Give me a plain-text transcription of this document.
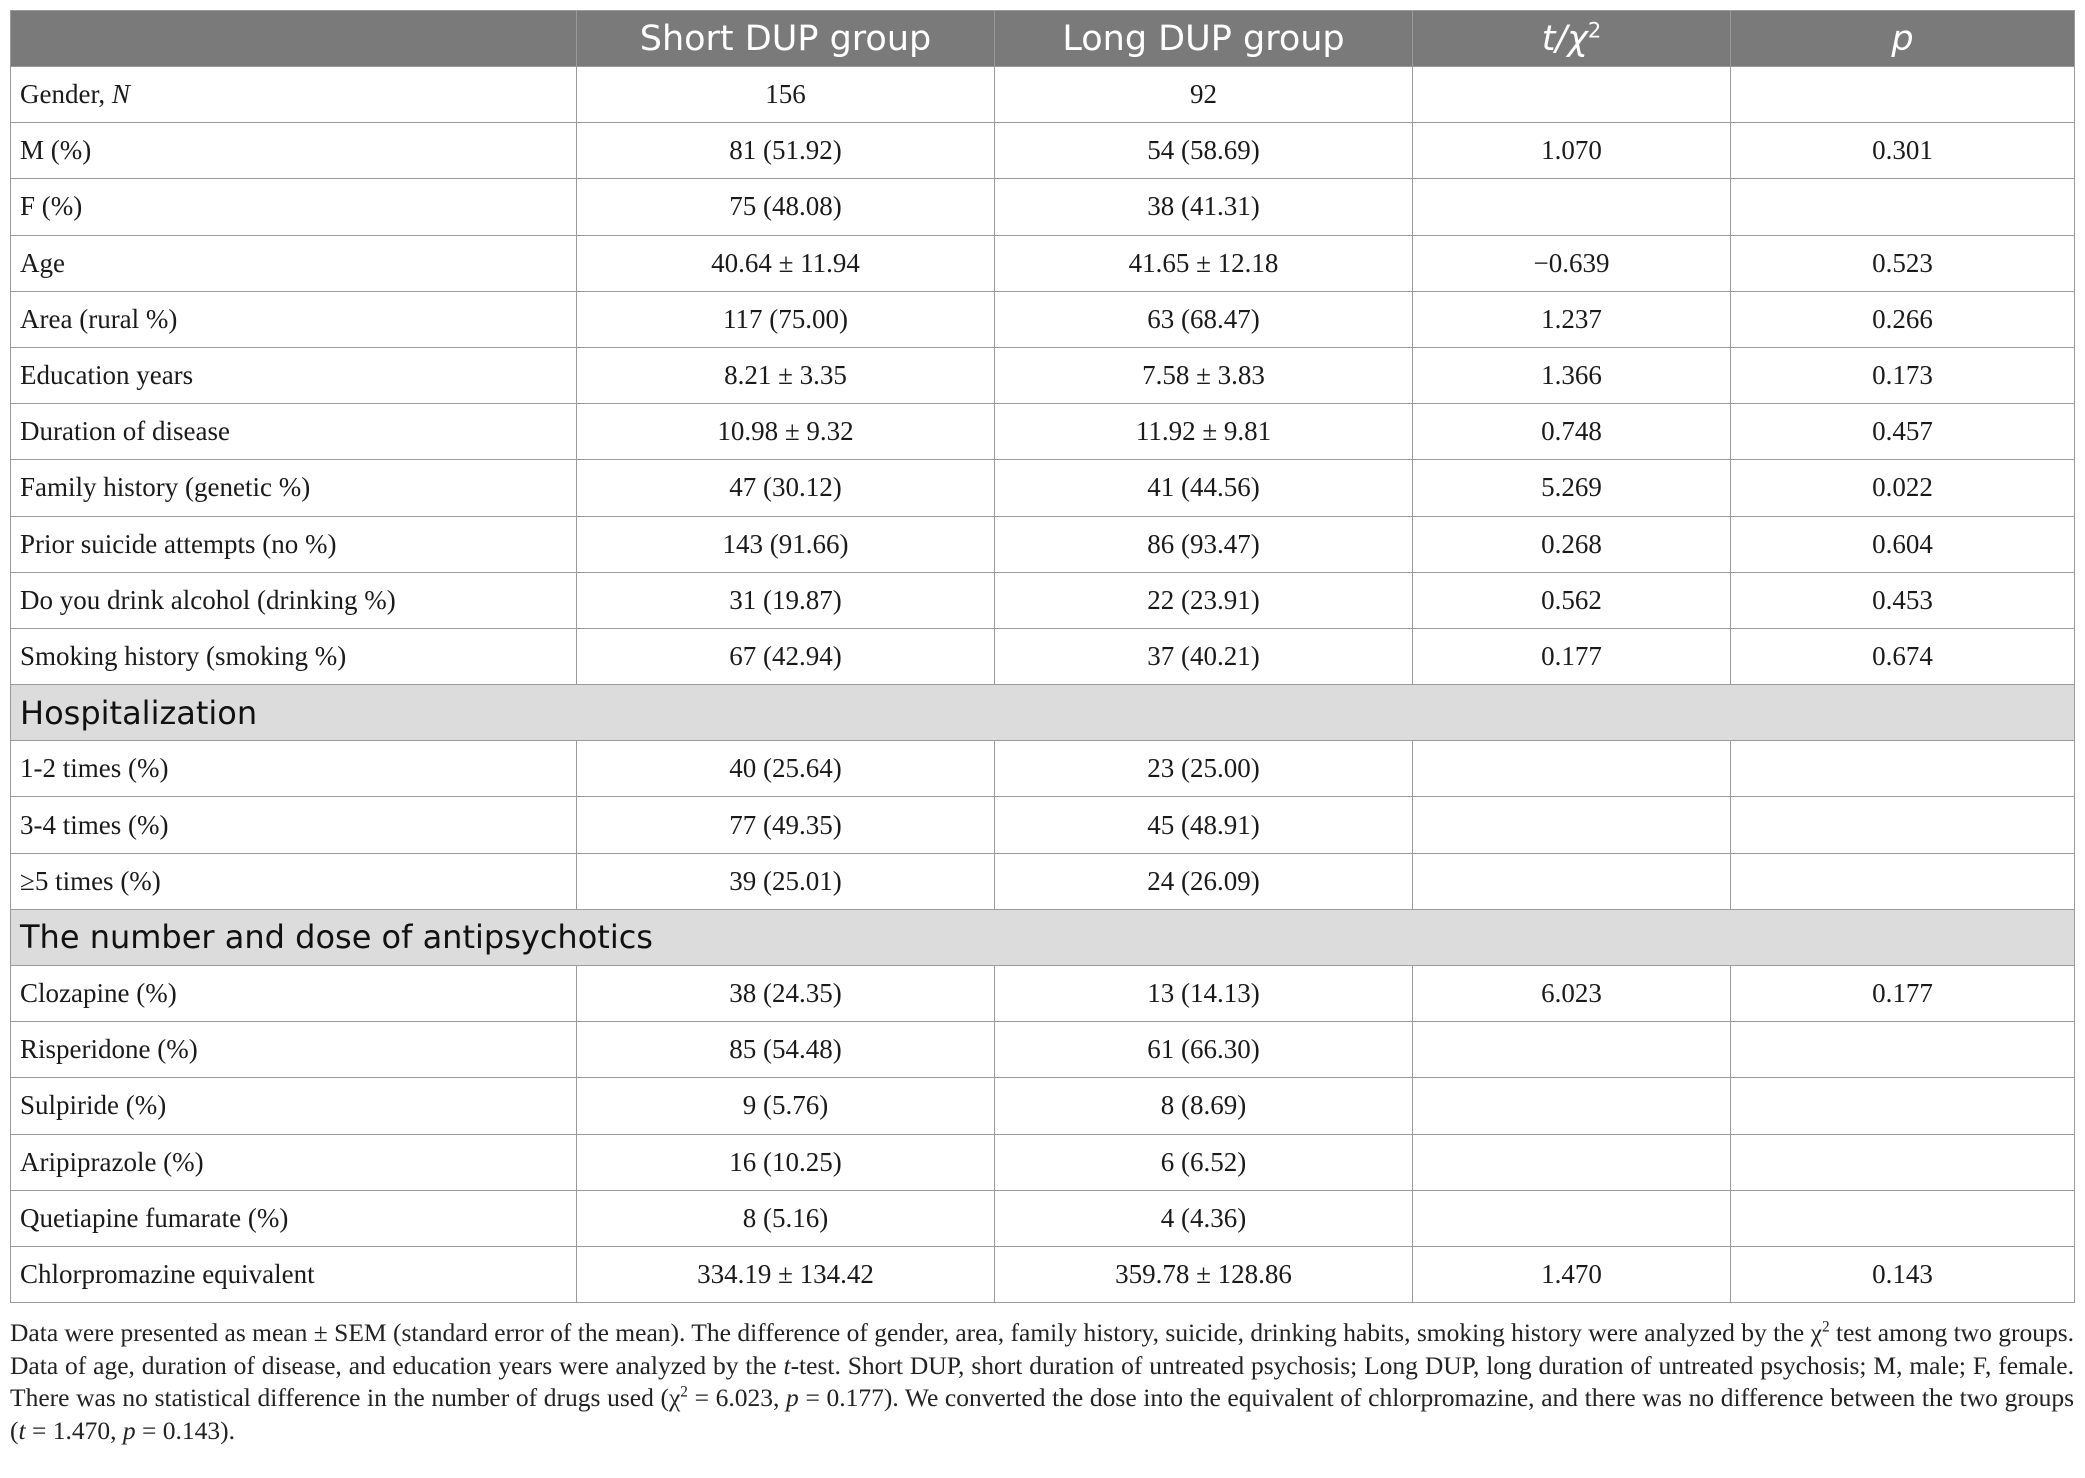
	Short DUP group	Long DUP group	$t/\chi^2$	p
Gender, N	156	92		
M (%)	81 (51.92)	54 (58.69)	1.070	0.301
F (%)	75 (48.08)	38 (41.31)		
Age	40.64 ± 11.94	41.65 ± 12.18	−0.639	0.523
Area (rural %)	117 (75.00)	63 (68.47)	1.237	0.266
Education years	8.21 ± 3.35	7.58 ± 3.83	1.366	0.173
Duration of disease	10.98 ± 9.32	11.92 ± 9.81	0.748	0.457
Family history (genetic %)	47 (30.12)	41 (44.56)	5.269	0.022
Prior suicide attempts (no %)	143 (91.66)	86 (93.47)	0.268	0.604
Do you drink alcohol (drinking %)	31 (19.87)	22 (23.91)	0.562	0.453
Smoking history (smoking %)	67 (42.94)	37 (40.21)	0.177	0.674
Hospitalization				
1-2 times (%)	40 (25.64)	23 (25.00)		
3-4 times (%)	77 (49.35)	45 (48.91)		
≥5 times (%)	39 (25.01)	24 (26.09)		
The number and dose of antipsychotics				
Clozapine (%)	38 (24.35)	13 (14.13)	6.023	0.177
Risperidone (%)	85 (54.48)	61 (66.30)		
Sulpiride (%)	9 (5.76)	8 (8.69)		
Aripiprazole (%)	16 (10.25)	6 (6.52)		
Quetiapine fumarate (%)	8 (5.16)	4 (4.36)		
Chlorpromazine equivalent	334.19 ± 134.42	359.78 ± 128.86	1.470	0.143

Data were presented as mean ± SEM (standard error of the mean). The difference of gender, area, family history, suicide, drinking habits, smoking history were analyzed by the $\chi^2$ test among two groups. Data of age, duration of disease, and education years were analyzed by the t-test. Short DUP, short duration of untreated psychosis; Long DUP, long duration of untreated psychosis; M, male; F, female. There was no statistical difference in the number of drugs used ($\chi^2 = 6.023$, p = 0.177). We converted the dose into the equivalent of chlorpromazine, and there was no difference between the two groups (t = 1.470, p = 0.143).
